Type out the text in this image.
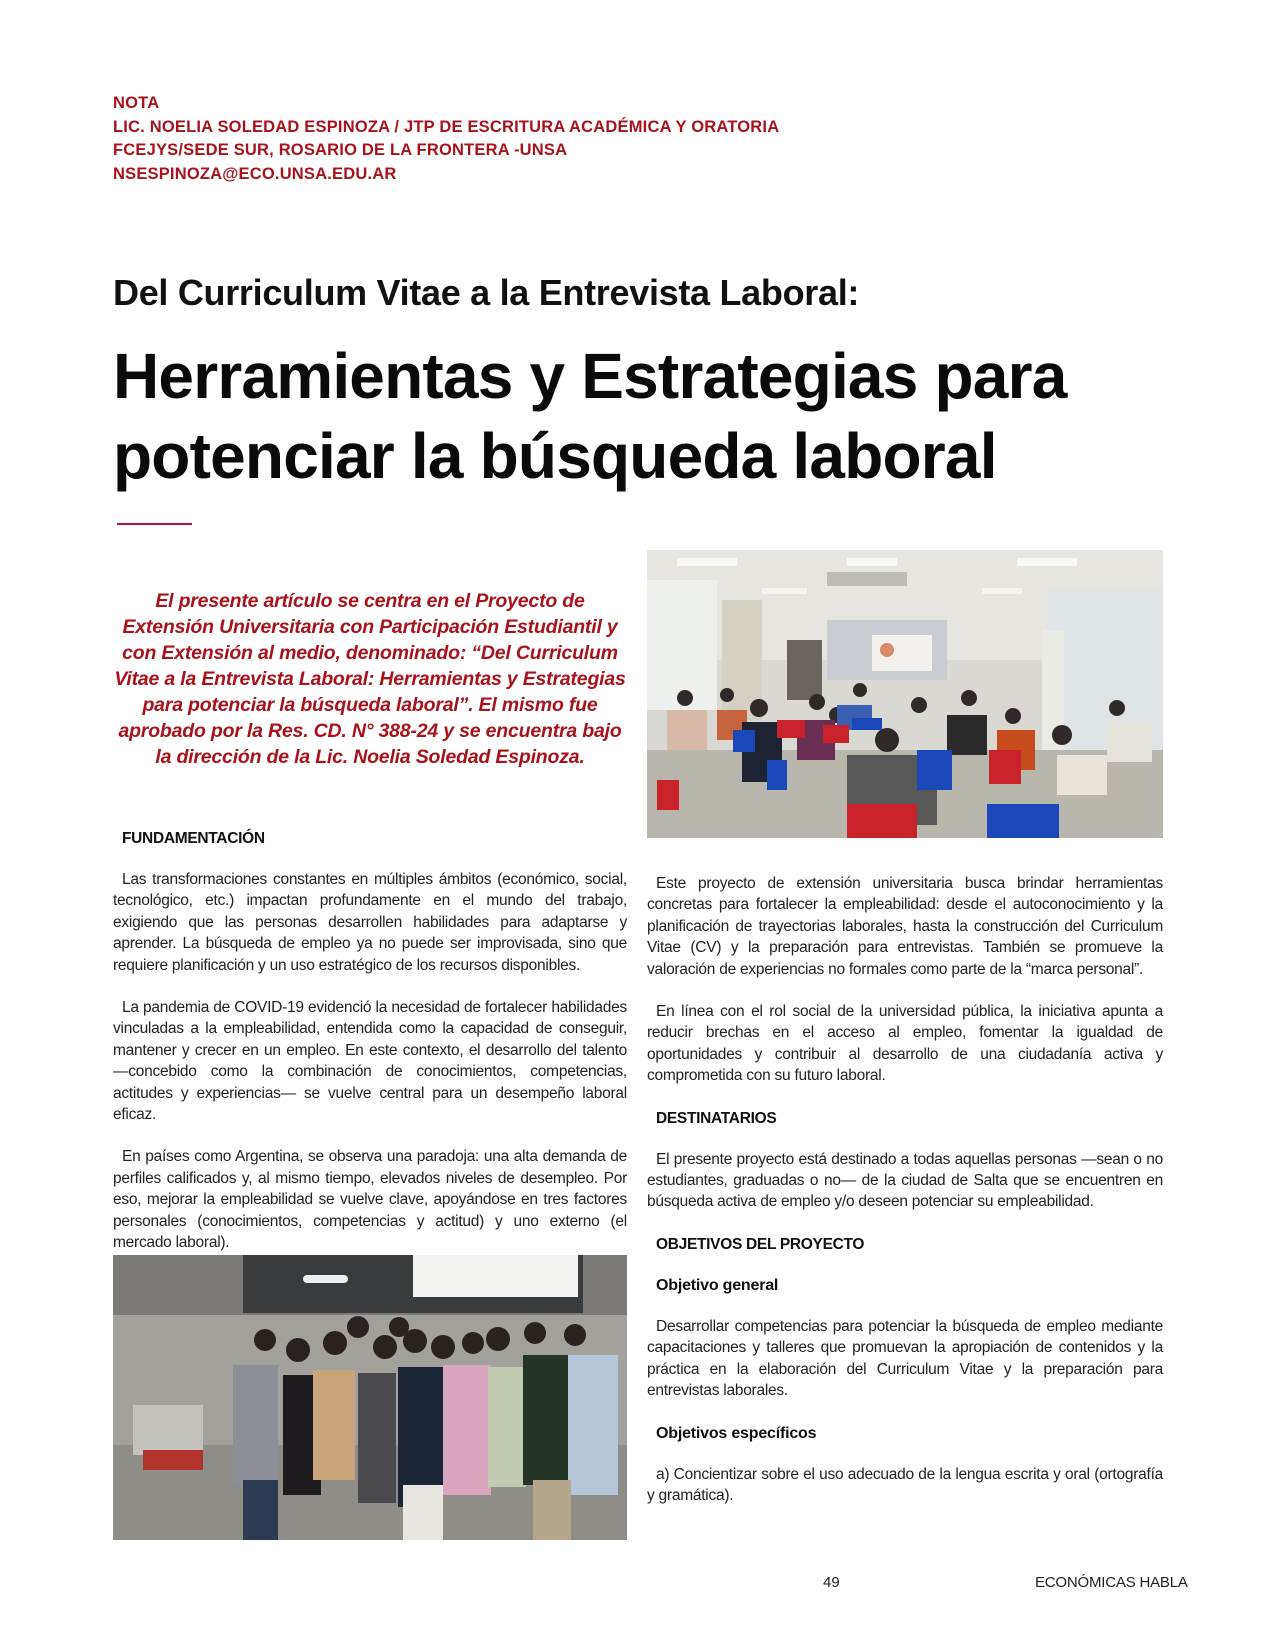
NOTA
LIC. NOELIA SOLEDAD ESPINOZA / JTP DE ESCRITURA ACADÉMICA Y ORATORIA
FCEJYS/SEDE SUR, ROSARIO DE LA FRONTERA -UNSA
NSESPINOZA@ECO.UNSA.EDU.AR
Del Curriculum Vitae a la Entrevista Laboral:
Herramientas y Estrategias para
potenciar la búsqueda laboral
El presente artículo se centra en el Proyecto de Extensión Universitaria con Participación Estudiantil y con Extensión al medio, denominado: “Del Curriculum Vitae a la Entrevista Laboral: Herramientas y Estrategias para potenciar la búsqueda laboral”. El mismo fue aprobado por la Res. CD. N° 388-24 y se encuentra bajo la dirección de la Lic. Noelia Soledad Espinoza.
FUNDAMENTACIÓN

Las transformaciones constantes en múltiples ámbitos (económico, social, tecnológico, etc.) impactan profundamente en el mundo del trabajo, exigiendo que las personas desarrollen habilidades para adaptarse y aprender. La búsqueda de empleo ya no puede ser improvisada, sino que requiere planificación y un uso estratégico de los recursos disponibles.

La pandemia de COVID-19 evidenció la necesidad de fortalecer habilidades vinculadas a la empleabilidad, entendida como la capacidad de conseguir, mantener y crecer en un empleo. En este contexto, el desarrollo del talento —concebido como la combinación de conocimientos, competencias, actitudes y experiencias— se vuelve central para un desempeño laboral eficaz.

En países como Argentina, se observa una paradoja: una alta demanda de perfiles calificados y, al mismo tiempo, elevados niveles de desempleo. Por eso, mejorar la empleabilidad se vuelve clave, apoyándose en tres factores personales (conocimientos, competencias y actitud) y uno externo (el mercado laboral).

Este proyecto de extensión universitaria busca brindar herramientas concretas para fortalecer la empleabilidad: desde el autoconocimiento y la planificación de trayectorias laborales, hasta la construcción del Curriculum Vitae (CV) y la preparación para entrevistas. También se promueve la valoración de experiencias no formales como parte de la “marca personal”.

En línea con el rol social de la universidad pública, la iniciativa apunta a reducir brechas en el acceso al empleo, fomentar la igualdad de oportunidades y contribuir al desarrollo de una ciudadanía activa y comprometida con su futuro laboral.

DESTINATARIOS

El presente proyecto está destinado a todas aquellas personas —sean o no estudiantes, graduadas o no— de la ciudad de Salta que se encuentren en búsqueda activa de empleo y/o deseen potenciar su empleabilidad.

OBJETIVOS DEL PROYECTO
Objetivo general

Desarrollar competencias para potenciar la búsqueda de empleo mediante capacitaciones y talleres que promuevan la apropiación de contenidos y la práctica en la elaboración del Curriculum Vitae y la preparación para entrevistas laborales.

Objetivos específicos

a) Concientizar sobre el uso adecuado de la lengua escrita y oral (ortografía y gramática).

49	ECONÓMICAS HABLA
